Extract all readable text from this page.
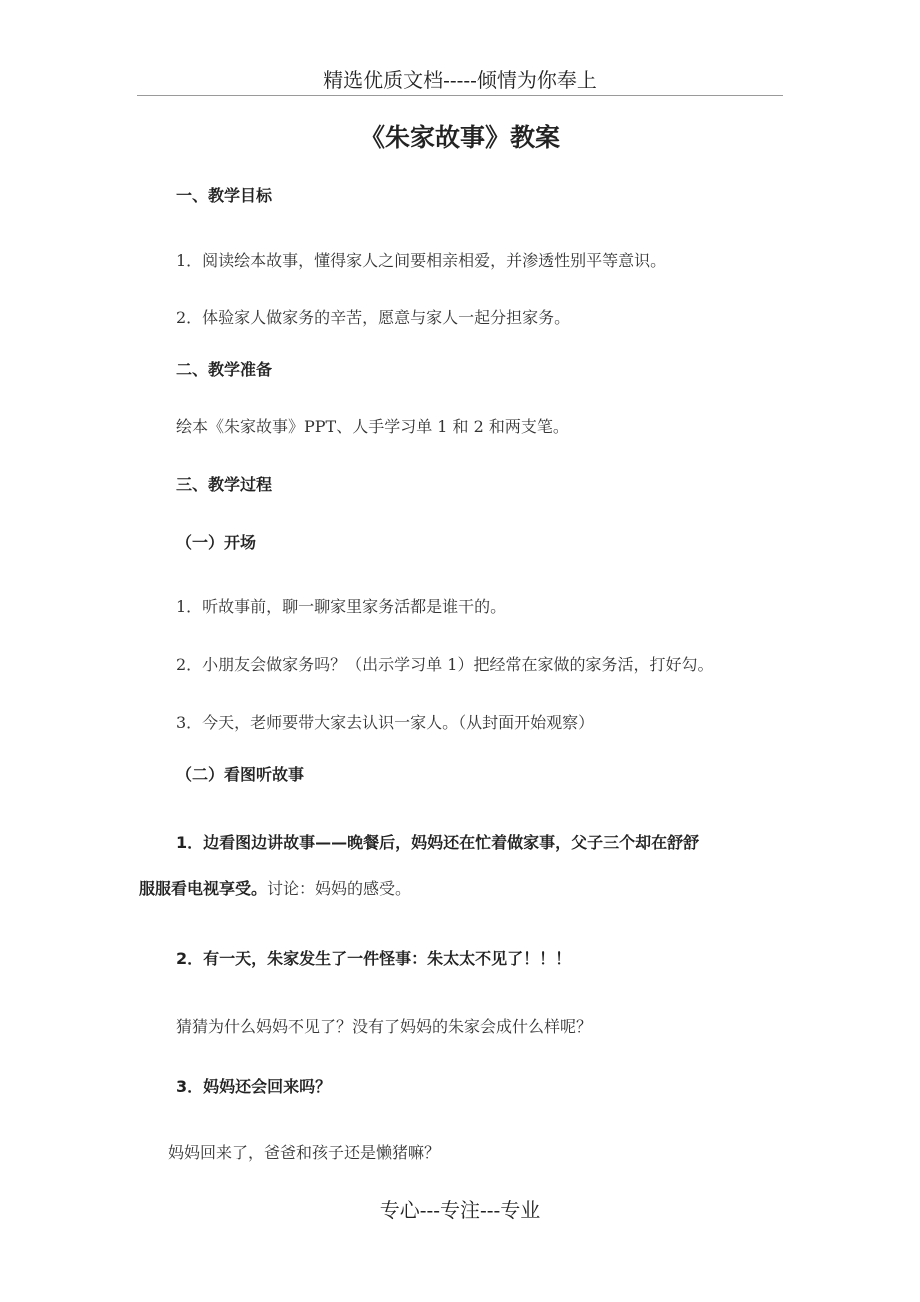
精选优质文档-----倾情为你奉上
《朱家故事》教案
一、教学目标
1．阅读绘本故事，懂得家人之间要相亲相爱，并渗透性别平等意识。
2．体验家人做家务的辛苦，愿意与家人一起分担家务。
二、教学准备
绘本《朱家故事》PPT、人手学习单 1 和 2 和两支笔。
三、教学过程
（一）开场
1．听故事前，聊一聊家里家务活都是谁干的。
2．小朋友会做家务吗？（出示学习单 1）把经常在家做的家务活，打好勾。
3．今天，老师要带大家去认识一家人。（从封面开始观察）
（二）看图听故事
1．边看图边讲故事——晚餐后，妈妈还在忙着做家事，父子三个却在舒舒
服服看电视享受。讨论：妈妈的感受。
2．有一天，朱家发生了一件怪事：朱太太不见了！！！
猜猜为什么妈妈不见了？没有了妈妈的朱家会成什么样呢？
3．妈妈还会回来吗？
妈妈回来了，爸爸和孩子还是懒猪嘛？
专心---专注---专业
